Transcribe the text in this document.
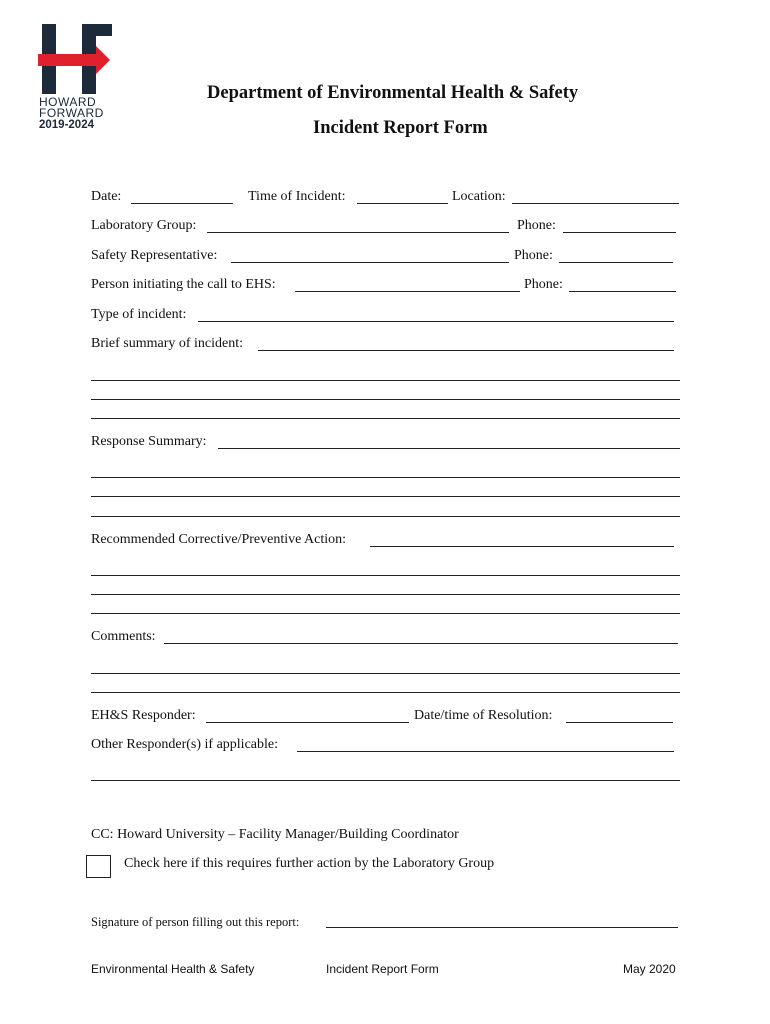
HOWARD
FORWARD
2019-2024
Department of Environmental Health & Safety
Incident Report Form
Date:	Time of Incident:	Location:
Laboratory Group:	Phone:
Safety Representative:	Phone:
Person initiating the call to EHS:	Phone:
Type of incident:
Brief summary of incident:
Response Summary:
Recommended Corrective/Preventive Action:
Comments:
EH&S Responder:	Date/time of Resolution:
Other Responder(s) if applicable:
CC: Howard University – Facility Manager/Building Coordinator
Check here if this requires further action by the Laboratory Group
Signature of person filling out this report:
Environmental Health & Safety	Incident Report Form	May 2020
